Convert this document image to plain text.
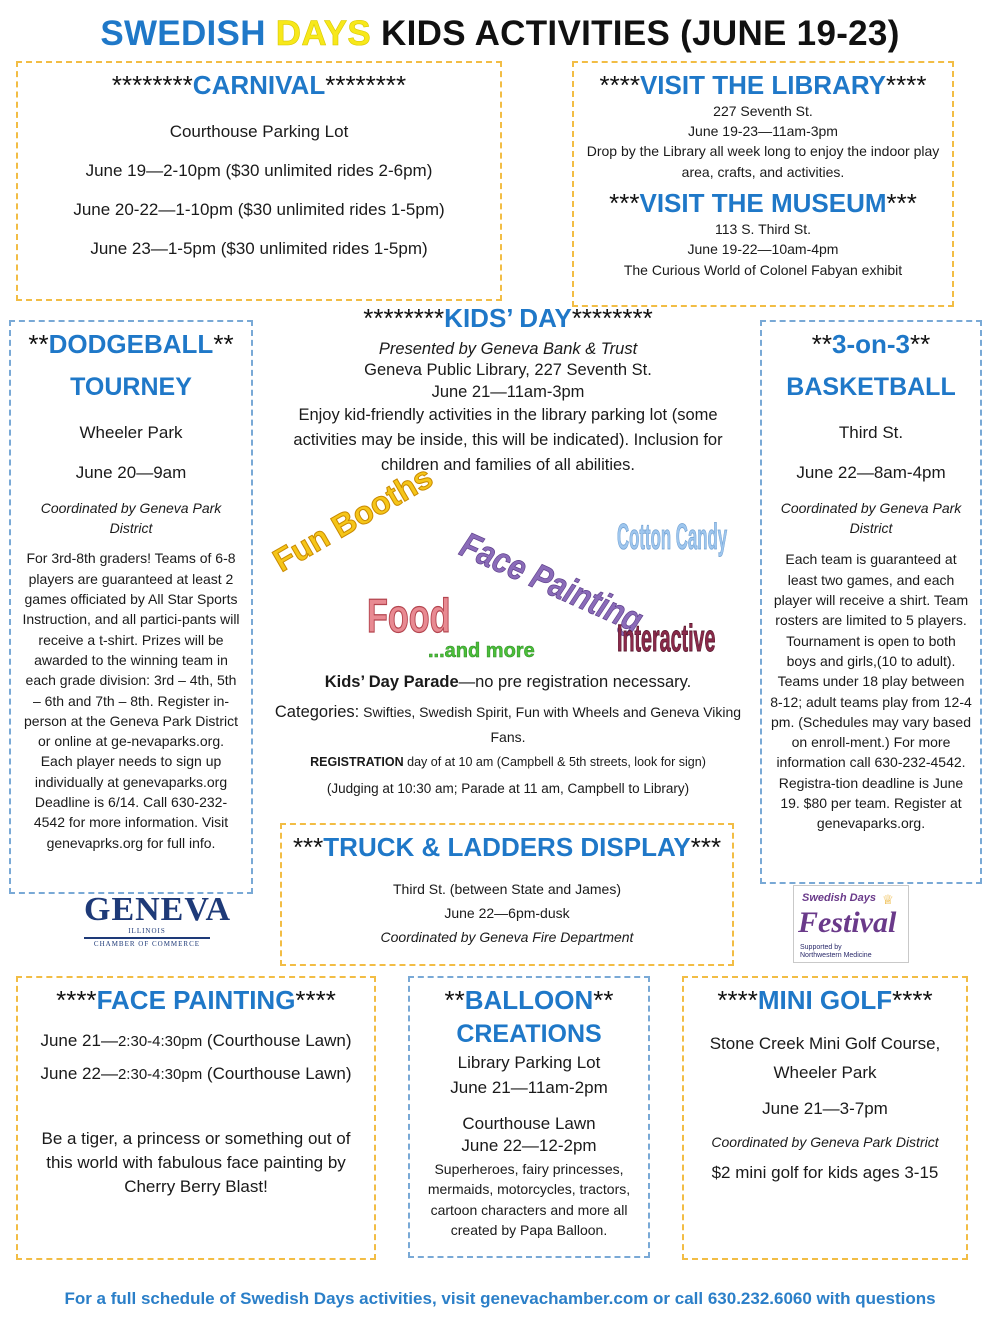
SWEDISH DAYS KIDS ACTIVITIES (JUNE 19-23)
********CARNIVAL********
Courthouse Parking Lot
June 19—2-10pm ($30 unlimited rides 2-6pm)
June 20-22—1-10pm ($30 unlimited rides 1-5pm)
June 23—1-5pm ($30 unlimited rides 1-5pm)
****VISIT THE LIBRARY****
227 Seventh St.
June 19-23—11am-3pm
Drop by the Library all week long to enjoy the indoor play area, crafts, and activities.
***VISIT THE MUSEUM***
113 S. Third St.
June 19-22—10am-4pm
The Curious World of Colonel Fabyan exhibit
**DODGEBALL**
TOURNEY
Wheeler Park
June 20—9am
Coordinated by Geneva Park District
For 3rd-8th graders! Teams of 6-8 players are guaranteed at least 2 games officiated by All Star Sports Instruction, and all partici-pants will receive a t-shirt. Prizes will be awarded to the winning team in each grade division: 3rd – 4th, 5th – 6th and 7th – 8th. Register in-person at the Geneva Park District or online at ge-nevaparks.org. Each player needs to sign up individually at genevaparks.org Deadline is 6/14. Call 630-232-4542 for more information. Visit genevaprks.org for full info.
********KIDS’ DAY********
Presented by Geneva Bank & Trust
Geneva Public Library, 227 Seventh St.
June 21—11am-3pm
Enjoy kid-friendly activities in the library parking lot (some activities may be inside, this will be indicated). Inclusion for children and families of all abilities.
Fun Booths
Face Painting
Cotton Candy
Food
...and more	Interactive
Kids’ Day Parade—no pre registration necessary.
Categories: Swifties, Swedish Spirit, Fun with Wheels and Geneva Viking Fans.
REGISTRATION day of at 10 am (Campbell & 5th streets, look for sign)
(Judging at 10:30 am; Parade at 11 am, Campbell to Library)
**3-on-3**
BASKETBALL
Third St.
June 22—8am-4pm
Coordinated by Geneva Park District
Each team is guaranteed at least two games, and each player will receive a shirt. Team rosters are limited to 5 players. Tournament is open to both boys and girls,(10 to adult). Teams under 18 play between 8-12; adult teams play from 12-4 pm. (Schedules may vary based on enroll-ment.) For more information call 630-232-4542. Registra-tion deadline is June 19. $80 per team. Register at genevaparks.org.
***TRUCK & LADDERS DISPLAY***
Third St. (between State and James)
June 22—6pm-dusk
Coordinated by Geneva Fire Department
GENEVA
ILLINOIS
CHAMBER OF COMMERCE
Swedish Days ♕
Festival
Supported by
Northwestern Medicine
****FACE PAINTING****
June 21—2:30-4:30pm (Courthouse Lawn)
June 22—2:30-4:30pm (Courthouse Lawn)
Be a tiger, a princess or something out of this world with fabulous face painting by Cherry Berry Blast!
**BALLOON**
CREATIONS
Library Parking Lot
June 21—11am-2pm
Courthouse Lawn
June 22—12-2pm
Superheroes, fairy princesses, mermaids, motorcycles, tractors, cartoon characters and more all created by Papa Balloon.
****MINI GOLF****
Stone Creek Mini Golf Course, Wheeler Park
June 21—3-7pm
Coordinated by Geneva Park District
$2 mini golf for kids ages 3-15
For a full schedule of Swedish Days activities, visit genevachamber.com or call 630.232.6060 with questions
